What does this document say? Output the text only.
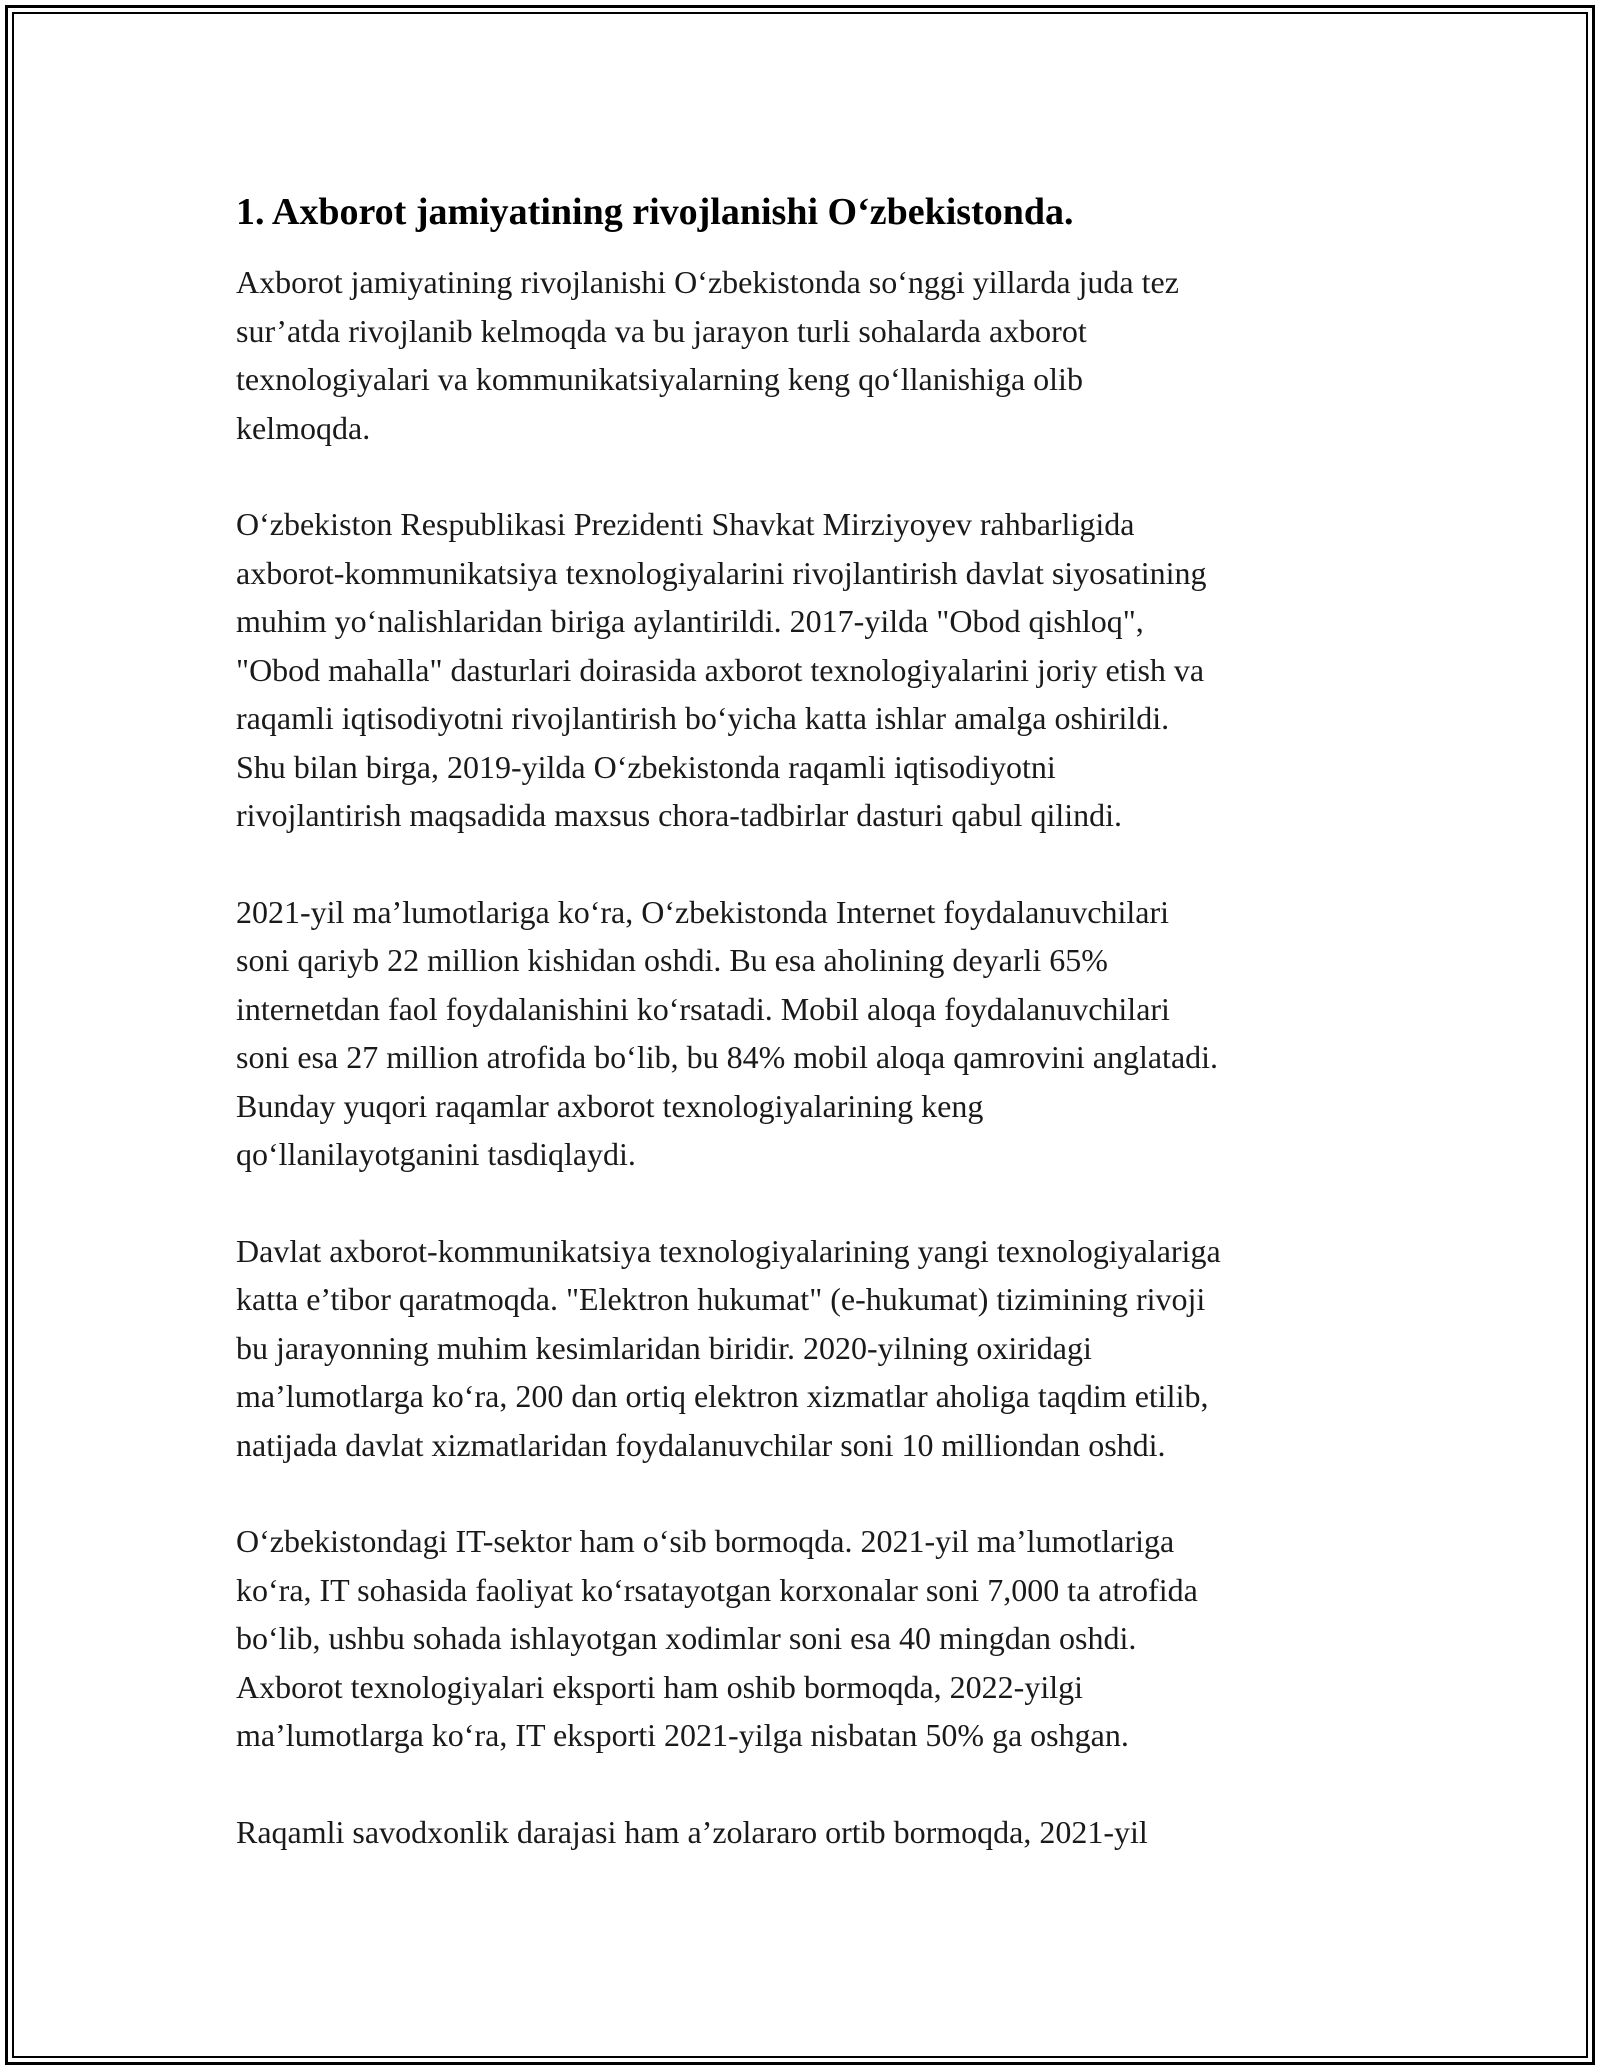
1. Axborot jamiyatining rivojlanishi O‘zbekistonda.

Axborot jamiyatining rivojlanishi O‘zbekistonda so‘nggi yillarda juda tez
sur’atda rivojlanib kelmoqda va bu jarayon turli sohalarda axborot
texnologiyalari va kommunikatsiyalarning keng qo‘llanishiga olib
kelmoqda.

O‘zbekiston Respublikasi Prezidenti Shavkat Mirziyoyev rahbarligida
axborot-kommunikatsiya texnologiyalarini rivojlantirish davlat siyosatining
muhim yo‘nalishlaridan biriga aylantirildi. 2017-yilda "Obod qishloq",
"Obod mahalla" dasturlari doirasida axborot texnologiyalarini joriy etish va
raqamli iqtisodiyotni rivojlantirish bo‘yicha katta ishlar amalga oshirildi.
Shu bilan birga, 2019-yilda O‘zbekistonda raqamli iqtisodiyotni
rivojlantirish maqsadida maxsus chora-tadbirlar dasturi qabul qilindi.

2021-yil ma’lumotlariga ko‘ra, O‘zbekistonda Internet foydalanuvchilari
soni qariyb 22 million kishidan oshdi. Bu esa aholining deyarli 65%
internetdan faol foydalanishini ko‘rsatadi. Mobil aloqa foydalanuvchilari
soni esa 27 million atrofida bo‘lib, bu 84% mobil aloqa qamrovini anglatadi.
Bunday yuqori raqamlar axborot texnologiyalarining keng
qo‘llanilayotganini tasdiqlaydi.

Davlat axborot-kommunikatsiya texnologiyalarining yangi texnologiyalariga
katta e’tibor qaratmoqda. "Elektron hukumat" (e-hukumat) tizimining rivoji
bu jarayonning muhim kesimlaridan biridir. 2020-yilning oxiridagi
ma’lumotlarga ko‘ra, 200 dan ortiq elektron xizmatlar aholiga taqdim etilib,
natijada davlat xizmatlaridan foydalanuvchilar soni 10 milliondan oshdi.

O‘zbekistondagi IT-sektor ham o‘sib bormoqda. 2021-yil ma’lumotlariga
ko‘ra, IT sohasida faoliyat ko‘rsatayotgan korxonalar soni 7,000 ta atrofida
bo‘lib, ushbu sohada ishlayotgan xodimlar soni esa 40 mingdan oshdi.
Axborot texnologiyalari eksporti ham oshib bormoqda, 2022-yilgi
ma’lumotlarga ko‘ra, IT eksporti 2021-yilga nisbatan 50% ga oshgan.

Raqamli savodxonlik darajasi ham a’zolararo ortib bormoqda, 2021-yil
